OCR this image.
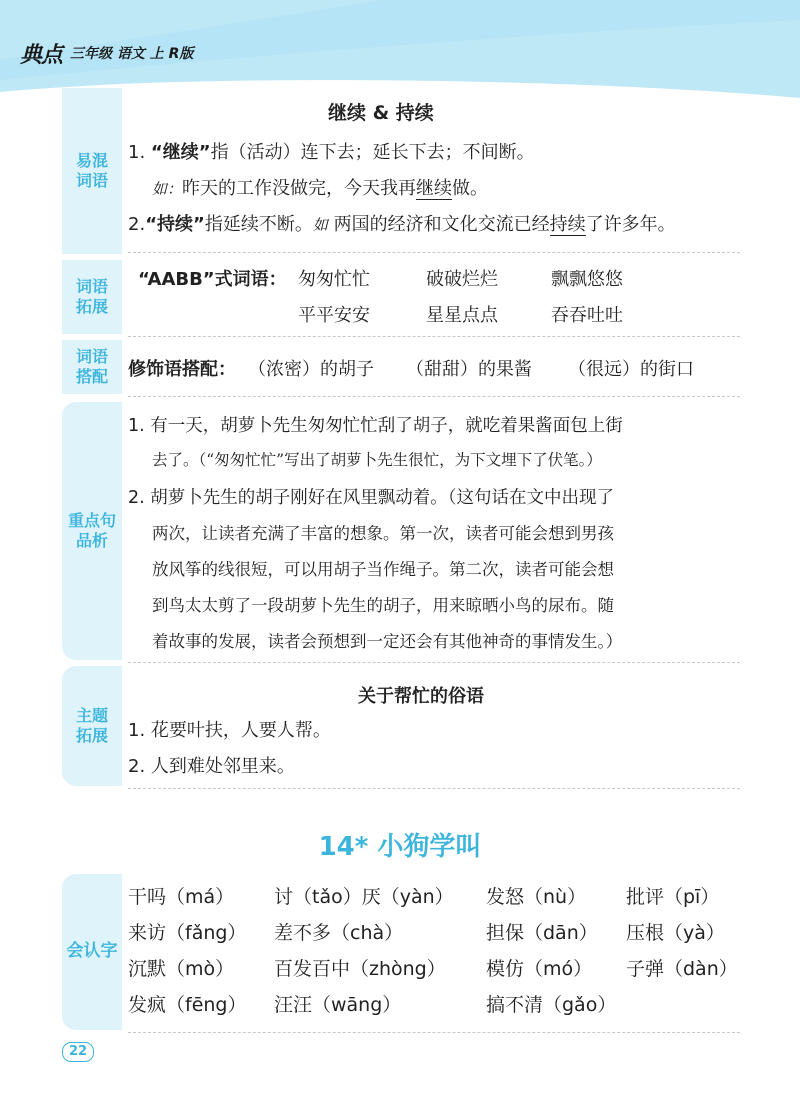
典点 三年级 语文 上 R版
易混
词语
继续 & 持续
1. “继续”指（活动）连下去；延长下去；不间断。
如：昨天的工作没做完，今天我再继续做。
2.“持续”指延续不断。如 两国的经济和文化交流已经持续了许多年。
词语
拓展
“AABB”式词语： 匆匆忙忙	破破烂烂	飘飘悠悠
平平安安	星星点点	吞吞吐吐
词语
搭配 修饰语搭配： （浓密）的胡子 （甜甜）的果酱 （很远）的街口
重点句
品析
1. 有一天，胡萝卜先生匆匆忙忙刮了胡子，就吃着果酱面包上街
去了。（“匆匆忙忙”写出了胡萝卜先生很忙，为下文埋下了伏笔。）
2. 胡萝卜先生的胡子刚好在风里飘动着。（这句话在文中出现了
两次，让读者充满了丰富的想象。第一次，读者可能会想到男孩
放风筝的线很短，可以用胡子当作绳子。第二次，读者可能会想
到鸟太太剪了一段胡萝卜先生的胡子，用来晾晒小鸟的尿布。随
着故事的发展，读者会预想到一定还会有其他神奇的事情发生。）
主题
拓展
关于帮忙的俗语
1. 花要叶扶，人要人帮。
2. 人到难处邻里来。
14* 小狗学叫
会认字
干吗（má） 讨（tǎo）厌（yàn） 发怒（nù） 批评（pī）
来访（fǎng） 差不多（chà）	担保（dān） 压根（yà）
沉默（mò） 百发百中（zhòng） 模仿（mó） 子弹（dàn）
发疯（fēng） 汪汪（wāng）	搞不清（gǎo）
22
